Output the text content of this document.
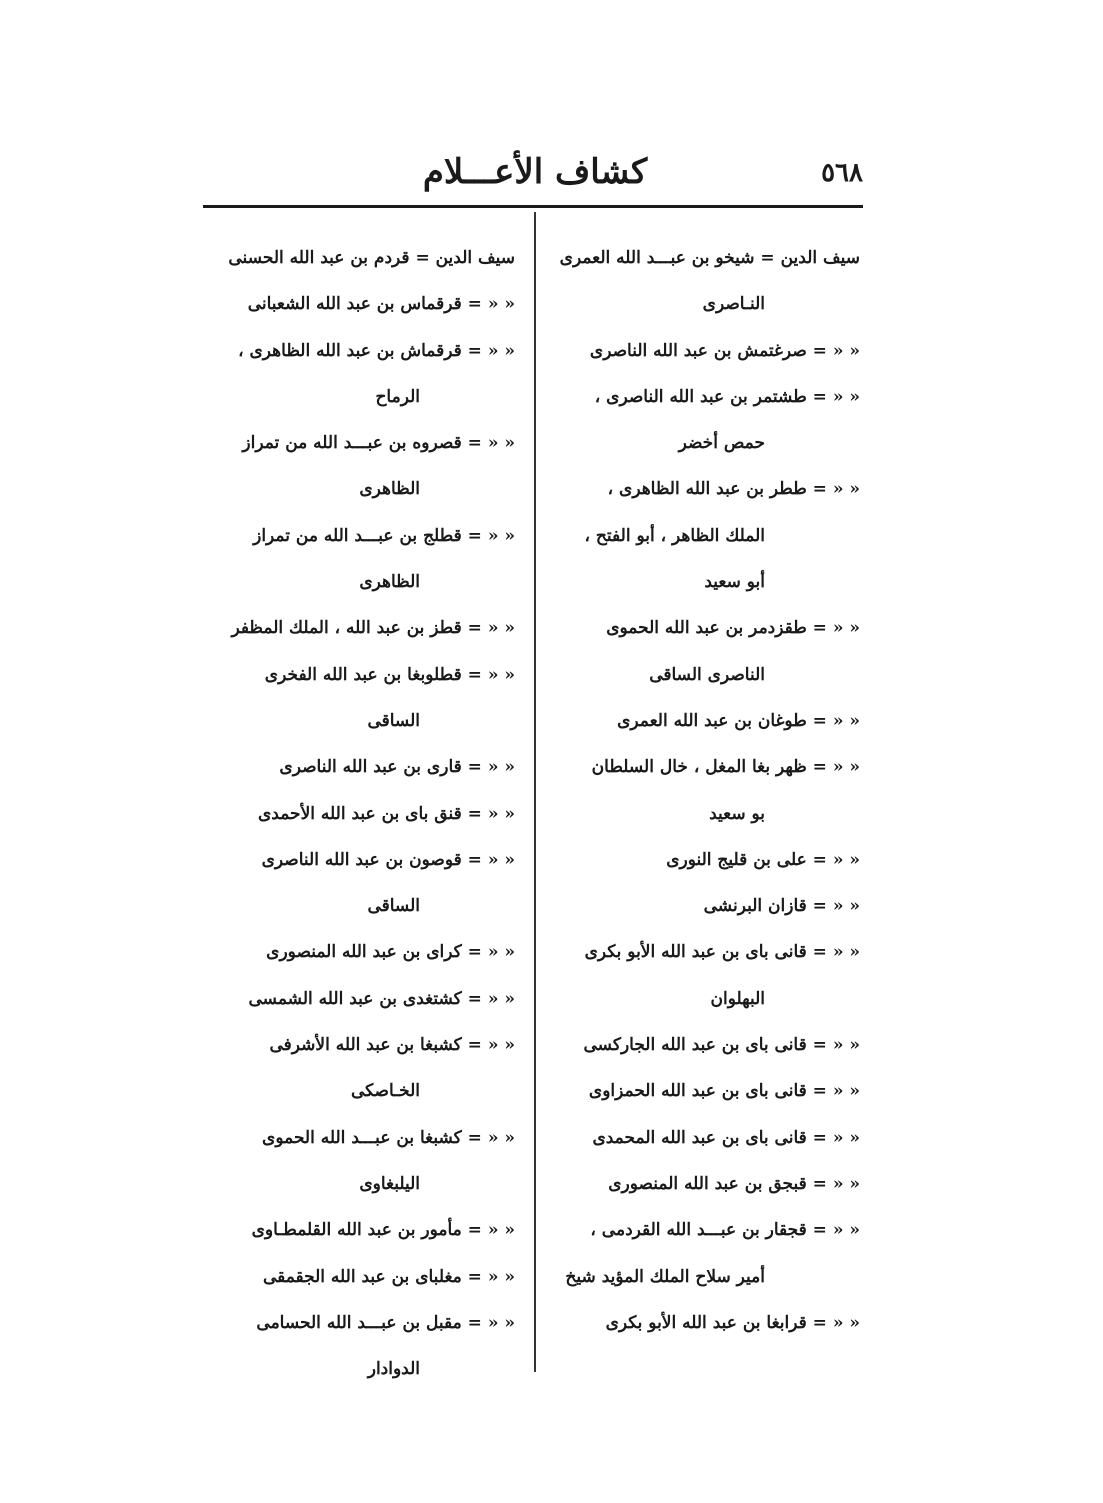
كشاف الأعـــلام	٥٦٨
سيف الدين = شيخو بن عبـــد الله العمرى
النـاصرى
« « = صرغتمش بن عبد الله الناصرى
« « = طشتمر بن عبد الله الناصرى ،
حمص أخضر
« « = ططر بن عبد الله الظاهرى ،
الملك الظاهر ، أبو الفتح ،
أبو سعيد
« « = طقزدمر بن عبد الله الحموى
الناصرى الساقى
« « = طوغان بن عبد الله العمرى
« « = ظهر بغا المغل ، خال السلطان
بو سعيد
« « = على بن قليج النورى
« « = قازان البرنشى
« « = قانى باى بن عبد الله الأبو بكرى
البهلوان
« « = قانى باى بن عبد الله الجاركسى
« « = قانى باى بن عبد الله الحمزاوى
« « = قانى باى بن عبد الله المحمدى
« « = قبجق بن عبد الله المنصورى
« « = قجقار بن عبـــد الله القردمى ،
أمير سلاح الملك المؤيد شيخ
« « = قرابغا بن عبد الله الأبو بكرى
سيف الدين = قردم بن عبد الله الحسنى
« « = قرقماس بن عبد الله الشعبانى
« « = قرقماش بن عبد الله الظاهرى ،
الرماح
« « = قصروه بن عبـــد الله من تمراز
الظاهرى
« « = قطلج بن عبـــد الله من تمراز
الظاهرى
« « = قطز بن عبد الله ، الملك المظفر
« « = قطلوبغا بن عبد الله الفخرى
الساقى
« « = قارى بن عبد الله الناصرى
« « = قنق باى بن عبد الله الأحمدى
« « = قوصون بن عبد الله الناصرى
الساقى
« « = كراى بن عبد الله المنصورى
« « = كشتغدى بن عبد الله الشمسى
« « = كشبغا بن عبد الله الأشرفى
الخـاصكى
« « = كشبغا بن عبـــد الله الحموى
اليلبغاوى
« « = مأمور بن عبد الله القلمطـاوى
« « = مغلباى بن عبد الله الجقمقى
« « = مقبل بن عبـــد الله الحسامى
الدوادار
